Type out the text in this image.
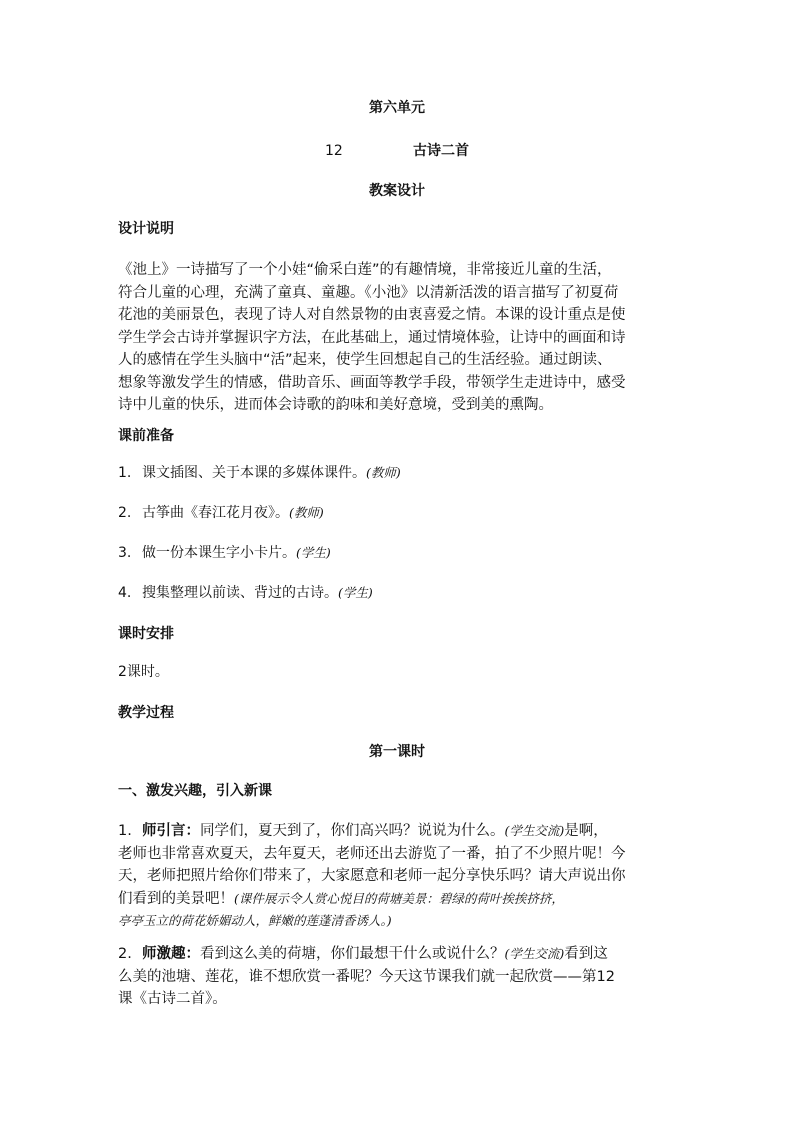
第六单元
12	古诗二首
教案设计
设计说明

《池上》一诗描写了一个小娃“偷采白莲”的有趣情境，非常接近儿童的生活，

符合儿童的心理，充满了童真、童趣。《小池》以清新活泼的语言描写了初夏荷

花池的美丽景色，表现了诗人对自然景物的由衷喜爱之情。本课的设计重点是使

学生学会古诗并掌握识字方法，在此基础上，通过情境体验，让诗中的画面和诗

人的感情在学生头脑中“活”起来，使学生回想起自己的生活经验。通过朗读、

想象等激发学生的情感，借助音乐、画面等教学手段，带领学生走进诗中，感受

诗中儿童的快乐，进而体会诗歌的韵味和美好意境，受到美的熏陶。

课前准备
1. 课文插图、关于本课的多媒体课件。(教师)
2. 古筝曲《春江花月夜》。(教师)
3. 做一份本课生字小卡片。(学生)
4. 搜集整理以前读、背过的古诗。(学生)
课时安排
2课时。
教学过程
第一课时
一、激发兴趣，引入新课

1. 师引言：同学们，夏天到了，你们高兴吗？说说为什么。(学生交流)是啊，

老师也非常喜欢夏天，去年夏天，老师还出去游览了一番，拍了不少照片呢！今

天，老师把照片给你们带来了，大家愿意和老师一起分享快乐吗？请大声说出你

们看到的美景吧！(课件展示令人赏心悦目的荷塘美景：碧绿的荷叶挨挨挤挤，

亭亭玉立的荷花娇媚动人，鲜嫩的莲蓬清香诱人。)

2. 师激趣：看到这么美的荷塘，你们最想干什么或说什么？(学生交流)看到这

么美的池塘、莲花，谁不想欣赏一番呢？今天这节课我们就一起欣赏——第12

课《古诗二首》。
